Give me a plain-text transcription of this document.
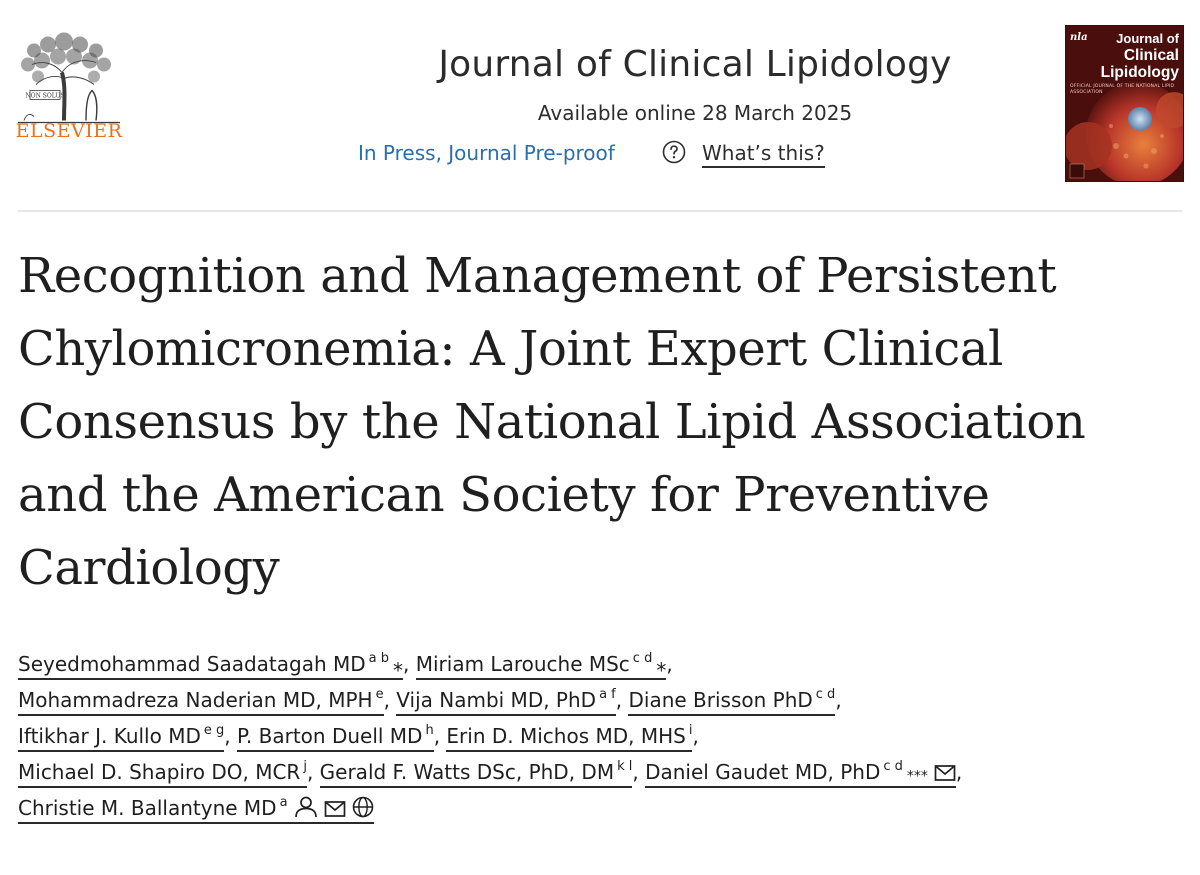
NON SOLUS
ELSEVIER
Journal of Clinical Lipidology
Available online 28 March 2025
In Press, Journal Pre-proof	What’s this?
nla	Journal of
Clinical
Lipidology
OFFICIAL JOURNAL OF THE NATIONAL LIPID ASSOCIATION
Recognition and Management of Persistent Chylomicronemia: A Joint Expert Clinical Consensus by the National Lipid Association and the American Society for Preventive Cardiology
Seyedmohammad Saadatagah MD $^{a b}$ ⁎, Miriam Larouche MSc $^{c d}$ ⁎,
Mohammadreza Naderian MD, MPH $^e$, Vija Nambi MD, PhD $^{a f}$, Diane Brisson PhD $^{c d}$,
Iftikhar J. Kullo MD $^{e g}$, P. Barton Duell MD $^h$, Erin D. Michos MD, MHS $^i$,
Michael D. Shapiro DO, MCR $^j$, Gerald F. Watts DSc, PhD, DM $^{k l}$, Daniel Gaudet MD, PhD $^{c d}$ ⁎⁎⁎ ,
Christie M. Ballantyne MD $^a$
